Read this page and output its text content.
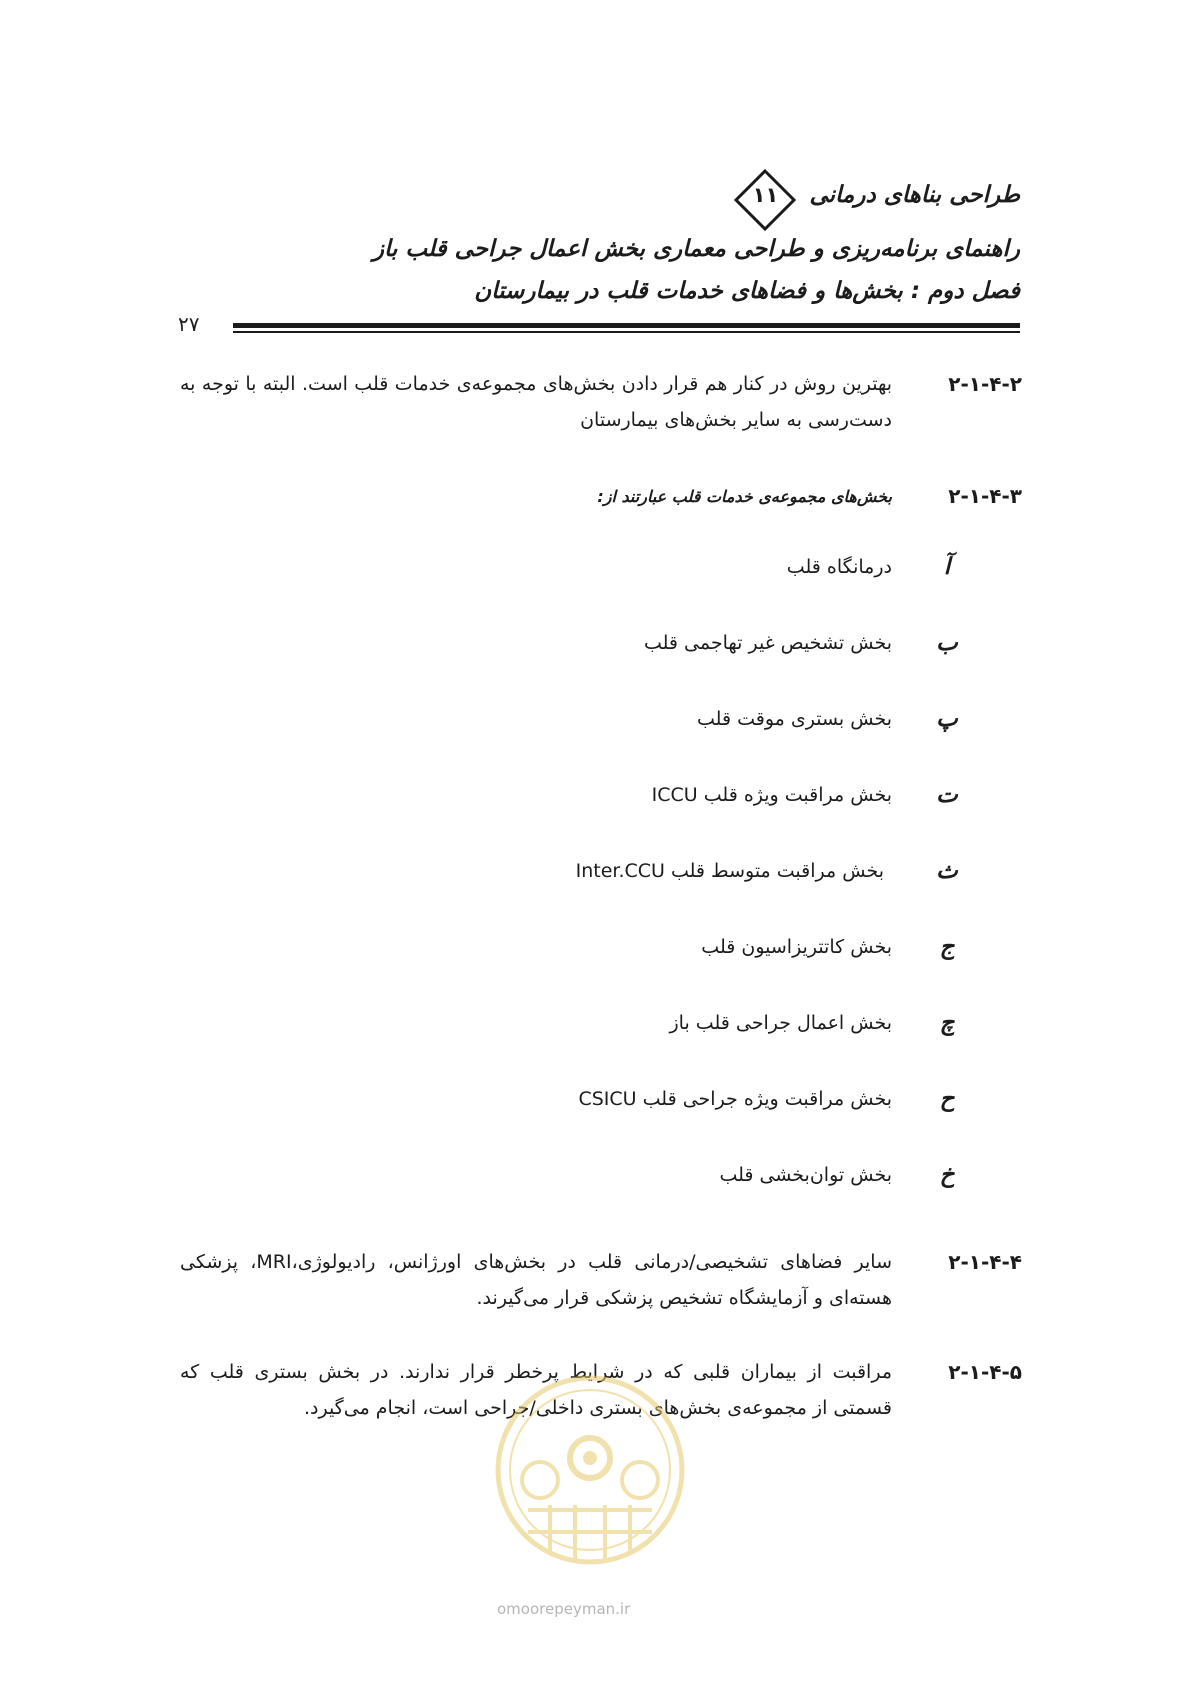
طراحی بناهای درمانی
۱۱
راهنمای برنامه‌ریزی و طراحی معماری بخش اعمال جراحی قلب باز
فصل دوم : بخش‌ها و فضاهای خدمات قلب در بیمارستان
۲۷
۲-۱-۴-۲
بهترین روش در کنار هم قرار دادن بخش‌های مجموعه‌ی خدمات قلب است. البته با توجه به دست‌رسی به سایر بخش‌های بیمارستان
۲-۱-۴-۳
بخش‌های مجموعه‌ی خدمات قلب عبارتند از:
آ
درمانگاه قلب
ب
بخش تشخیص غیر تهاجمی قلب
پ
بخش بستری موقت قلب
ت
بخش مراقبت ویژه قلب ICCU
ث
بخش مراقبت متوسط قلب Inter.CCU
ج
بخش کاتتریزاسیون قلب
چ
بخش اعمال جراحی قلب باز
ح
بخش مراقبت ویژه جراحی قلب CSICU
خ
بخش توان‌بخشی قلب
۲-۱-۴-۴
سایر فضاهای تشخیصی/درمانی قلب در بخش‌های اورژانس، رادیولوژی،MRI، پزشکی هسته‌ای و آزمایشگاه تشخیص پزشکی قرار می‌گیرند.
۲-۱-۴-۵
مراقبت از بیماران قلبی که در شرایط پرخطر قرار ندارند. در بخش بستری قلب که قسمتی از مجموعه‌ی بخش‌های بستری داخلی/جراحی است، انجام می‌گیرد.
omoorepeyman.ir
